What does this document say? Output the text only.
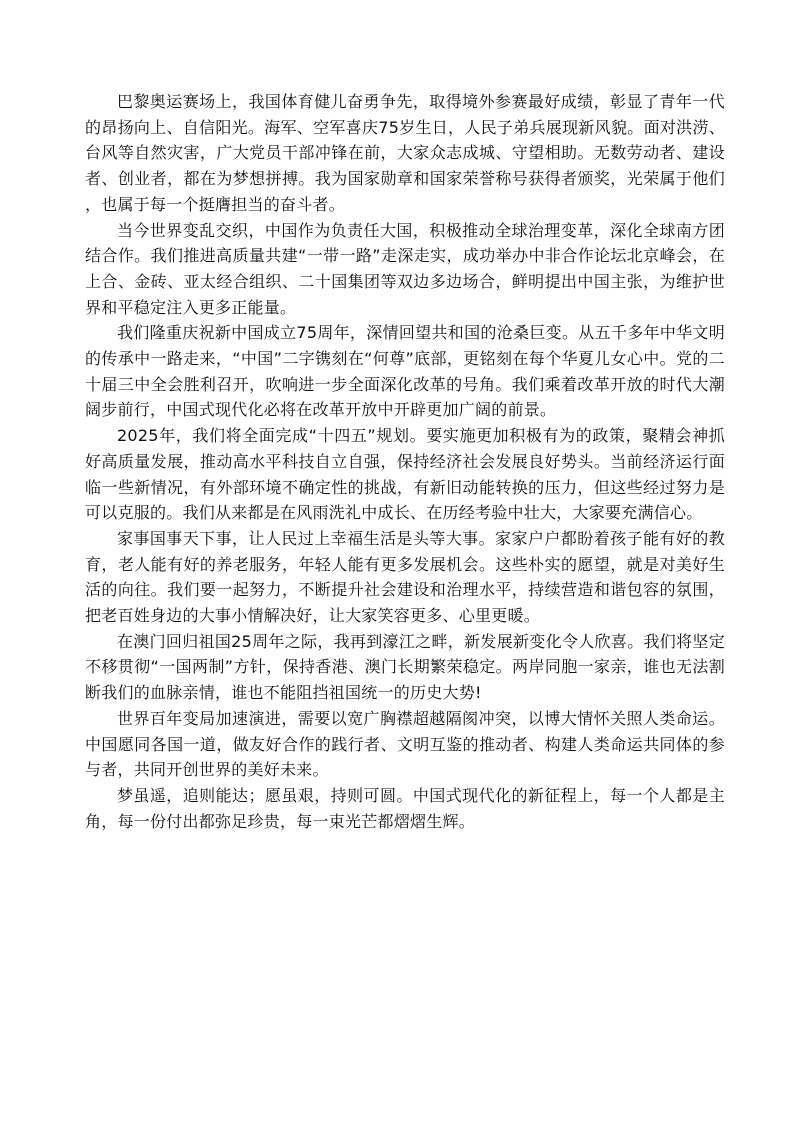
巴黎奥运赛场上，我国体育健儿奋勇争先，取得境外参赛最好成绩，彰显了青年一代的昂扬向上、自信阳光。海军、空军喜庆75岁生日，人民子弟兵展现新风貌。面对洪涝、台风等自然灾害，广大党员干部冲锋在前，大家众志成城、守望相助。无数劳动者、建设者、创业者，都在为梦想拼搏。我为国家勋章和国家荣誉称号获得者颁奖，光荣属于他们，也属于每一个挺膺担当的奋斗者。

当今世界变乱交织，中国作为负责任大国，积极推动全球治理变革，深化全球南方团结合作。我们推进高质量共建“一带一路”走深走实，成功举办中非合作论坛北京峰会，在上合、金砖、亚太经合组织、二十国集团等双边多边场合，鲜明提出中国主张，为维护世界和平稳定注入更多正能量。

我们隆重庆祝新中国成立75周年，深情回望共和国的沧桑巨变。从五千多年中华文明的传承中一路走来，“中国”二字镌刻在“何尊”底部，更铭刻在每个华夏儿女心中。党的二十届三中全会胜利召开，吹响进一步全面深化改革的号角。我们乘着改革开放的时代大潮阔步前行，中国式现代化必将在改革开放中开辟更加广阔的前景。

2025年，我们将全面完成“十四五”规划。要实施更加积极有为的政策，聚精会神抓好高质量发展，推动高水平科技自立自强，保持经济社会发展良好势头。当前经济运行面临一些新情况，有外部环境不确定性的挑战，有新旧动能转换的压力，但这些经过努力是可以克服的。我们从来都是在风雨洗礼中成长、在历经考验中壮大，大家要充满信心。

家事国事天下事，让人民过上幸福生活是头等大事。家家户户都盼着孩子能有好的教育，老人能有好的养老服务，年轻人能有更多发展机会。这些朴实的愿望，就是对美好生活的向往。我们要一起努力，不断提升社会建设和治理水平，持续营造和谐包容的氛围，把老百姓身边的大事小情解决好，让大家笑容更多、心里更暖。

在澳门回归祖国25周年之际，我再到濠江之畔，新发展新变化令人欣喜。我们将坚定不移贯彻“一国两制”方针，保持香港、澳门长期繁荣稳定。两岸同胞一家亲，谁也无法割断我们的血脉亲情，谁也不能阻挡祖国统一的历史大势!

世界百年变局加速演进，需要以宽广胸襟超越隔阂冲突，以博大情怀关照人类命运。中国愿同各国一道，做友好合作的践行者、文明互鉴的推动者、构建人类命运共同体的参与者，共同开创世界的美好未来。

梦虽遥，追则能达；愿虽艰，持则可圆。中国式现代化的新征程上，每一个人都是主角，每一份付出都弥足珍贵，每一束光芒都熠熠生辉。
